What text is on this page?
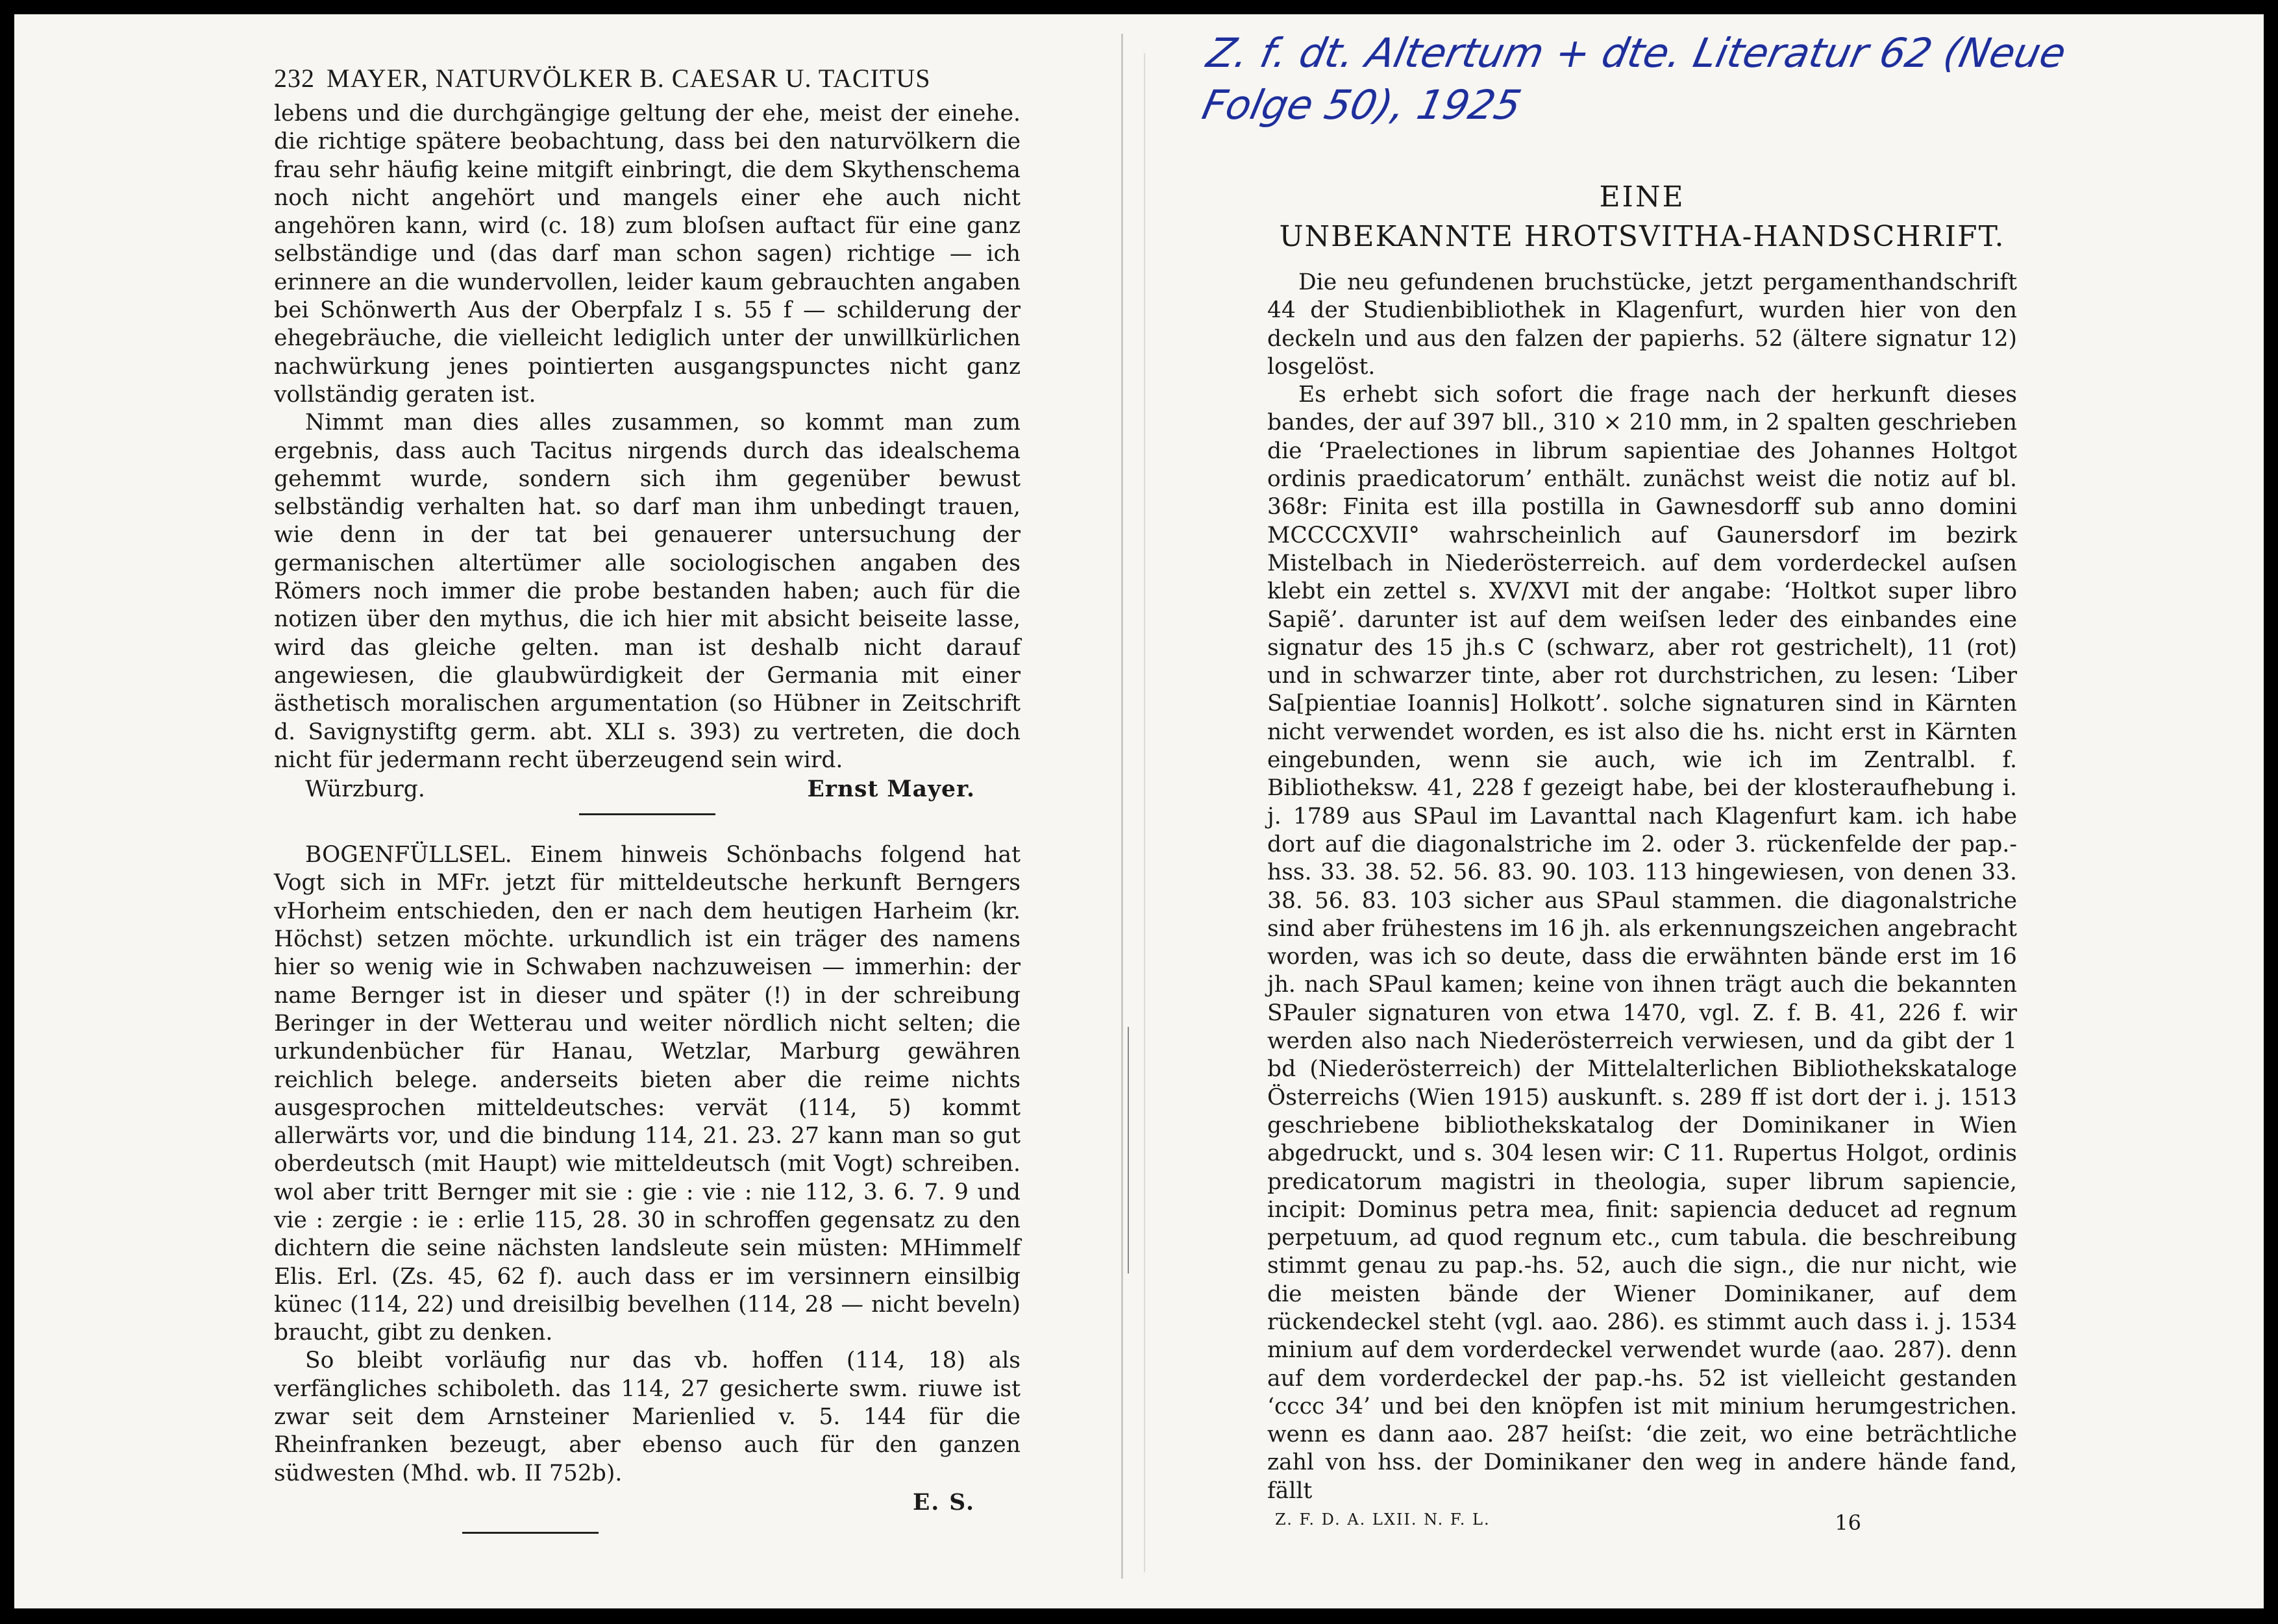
232 MAYER, NATURVÖLKER B. CAESAR U. TACITUS

lebens und die durchgängige geltung der ehe, meist der einehe. die richtige spätere beobachtung, dass bei den naturvölkern die frau sehr häufig keine mitgift einbringt, die dem Skythenschema noch nicht angehört und mangels einer ehe auch nicht angehören kann, wird (c. 18) zum bloſsen auftact für eine ganz selbständige und (das darf man schon sagen) richtige — ich erinnere an die wundervollen, leider kaum gebrauchten angaben bei Schönwerth Aus der Oberpfalz I s. 55 f — schilderung der ehegebräuche, die vielleicht lediglich unter der unwillkürlichen nachwürkung jenes pointierten ausgangspunctes nicht ganz vollständig geraten ist.

Nimmt man dies alles zusammen, so kommt man zum ergebnis, dass auch Tacitus nirgends durch das idealschema gehemmt wurde, sondern sich ihm gegenüber bewust selbständig verhalten hat. so darf man ihm unbedingt trauen, wie denn in der tat bei genauerer untersuchung der germanischen altertümer alle sociologischen angaben des Römers noch immer die probe bestanden haben; auch für die notizen über den mythus, die ich hier mit absicht beiseite lasse, wird das gleiche gelten. man ist deshalb nicht darauf angewiesen, die glaubwürdigkeit der Germania mit einer ästhetisch moralischen argumentation (so Hübner in Zeitschrift d. Savignystiftg germ. abt. XLI s. 393) zu vertreten, die doch nicht für jedermann recht überzeugend sein wird.

Würzburg.	Ernst Mayer.

BOGENFÜLLSEL. Einem hinweis Schönbachs folgend hat Vogt sich in MFr. jetzt für mitteldeutsche herkunft Berngers vHorheim entschieden, den er nach dem heutigen Harheim (kr. Höchst) setzen möchte. urkundlich ist ein träger des namens hier so wenig wie in Schwaben nachzuweisen — immerhin: der name Bernger ist in dieser und später (!) in der schreibung Beringer in der Wetterau und weiter nördlich nicht selten; die urkundenbücher für Hanau, Wetzlar, Marburg gewähren reichlich belege. anderseits bieten aber die reime nichts ausgesprochen mitteldeutsches: vervät (114, 5) kommt allerwärts vor, und die bindung 114, 21. 23. 27 kann man so gut oberdeutsch (mit Haupt) wie mitteldeutsch (mit Vogt) schreiben. wol aber tritt Bernger mit sie : gie : vie : nie 112, 3. 6. 7. 9 und vie : zergie : ie : erlie 115, 28. 30 in schroffen gegensatz zu den dichtern die seine nächsten landsleute sein müsten: MHimmelf Elis. Erl. (Zs. 45, 62 f). auch dass er im versinnern einsilbig künec (114, 22) und dreisilbig bevelhen (114, 28 — nicht beveln) braucht, gibt zu denken.

So bleibt vorläufig nur das vb. hoffen (114, 18) als verfängliches schiboleth. das 114, 27 gesicherte swm. riuwe ist zwar seit dem Arnsteiner Marienlied v. 5. 144 für die Rheinfranken bezeugt, aber ebenso auch für den ganzen südwesten (Mhd. wb. II 752b).

E. S.
Z. f. dt. Altertum + dte. Literatur 62 (Neue
Folge 50), 1925
EINE
UNBEKANNTE HROTSVITHA-HANDSCHRIFT.

Die neu gefundenen bruchstücke, jetzt pergamenthandschrift 44 der Studienbibliothek in Klagenfurt, wurden hier von den deckeln und aus den falzen der papierhs. 52 (ältere signatur 12) losgelöst.

Es erhebt sich sofort die frage nach der herkunft dieses bandes, der auf 397 bll., 310 × 210 mm, in 2 spalten geschrieben die ‘Praelectiones in librum sapientiae des Johannes Holtgot ordinis praedicatorum’ enthält. zunächst weist die notiz auf bl. 368r: Finita est illa postilla in Gawnesdorff sub anno domini MCCCCXVII° wahrscheinlich auf Gaunersdorf im bezirk Mistelbach in Niederösterreich. auf dem vorderdeckel auſsen klebt ein zettel s. XV/XVI mit der angabe: ‘Holtkot super libro Sapiẽ’. darunter ist auf dem weiſsen leder des einbandes eine signatur des 15 jh.s C (schwarz, aber rot gestrichelt), 11 (rot) und in schwarzer tinte, aber rot durchstrichen, zu lesen: ‘Liber Sa[pientiae Ioannis] Holkott’. solche signaturen sind in Kärnten nicht verwendet worden, es ist also die hs. nicht erst in Kärnten eingebunden, wenn sie auch, wie ich im Zentralbl. f. Bibliotheksw. 41, 228 f gezeigt habe, bei der klosteraufhebung i. j. 1789 aus SPaul im Lavanttal nach Klagenfurt kam. ich habe dort auf die diagonalstriche im 2. oder 3. rückenfelde der pap.-hss. 33. 38. 52. 56. 83. 90. 103. 113 hingewiesen, von denen 33. 38. 56. 83. 103 sicher aus SPaul stammen. die diagonalstriche sind aber frühestens im 16 jh. als erkennungszeichen angebracht worden, was ich so deute, dass die erwähnten bände erst im 16 jh. nach SPaul kamen; keine von ihnen trägt auch die bekannten SPauler signaturen von etwa 1470, vgl. Z. f. B. 41, 226 f. wir werden also nach Niederösterreich verwiesen, und da gibt der 1 bd (Niederösterreich) der Mittelalterlichen Bibliothekskataloge Österreichs (Wien 1915) auskunft. s. 289 ff ist dort der i. j. 1513 geschriebene bibliothekskatalog der Dominikaner in Wien abgedruckt, und s. 304 lesen wir: C 11. Rupertus Holgot, ordinis predicatorum magistri in theologia, super librum sapiencie, incipit: Dominus petra mea, finit: sapiencia deducet ad regnum perpetuum, ad quod regnum etc., cum tabula. die beschreibung stimmt genau zu pap.-hs. 52, auch die sign., die nur nicht, wie die meisten bände der Wiener Dominikaner, auf dem rückendeckel steht (vgl. aao. 286). es stimmt auch dass i. j. 1534 minium auf dem vorderdeckel verwendet wurde (aao. 287). denn auf dem vorderdeckel der pap.-hs. 52 ist vielleicht gestanden ‘cccc 34’ und bei den knöpfen ist mit minium herumgestrichen. wenn es dann aao. 287 heiſst: ‘die zeit, wo eine beträchtliche zahl von hss. der Dominikaner den weg in andere hände fand, fällt

Z. F. D. A. LXII. N. F. L.	16
